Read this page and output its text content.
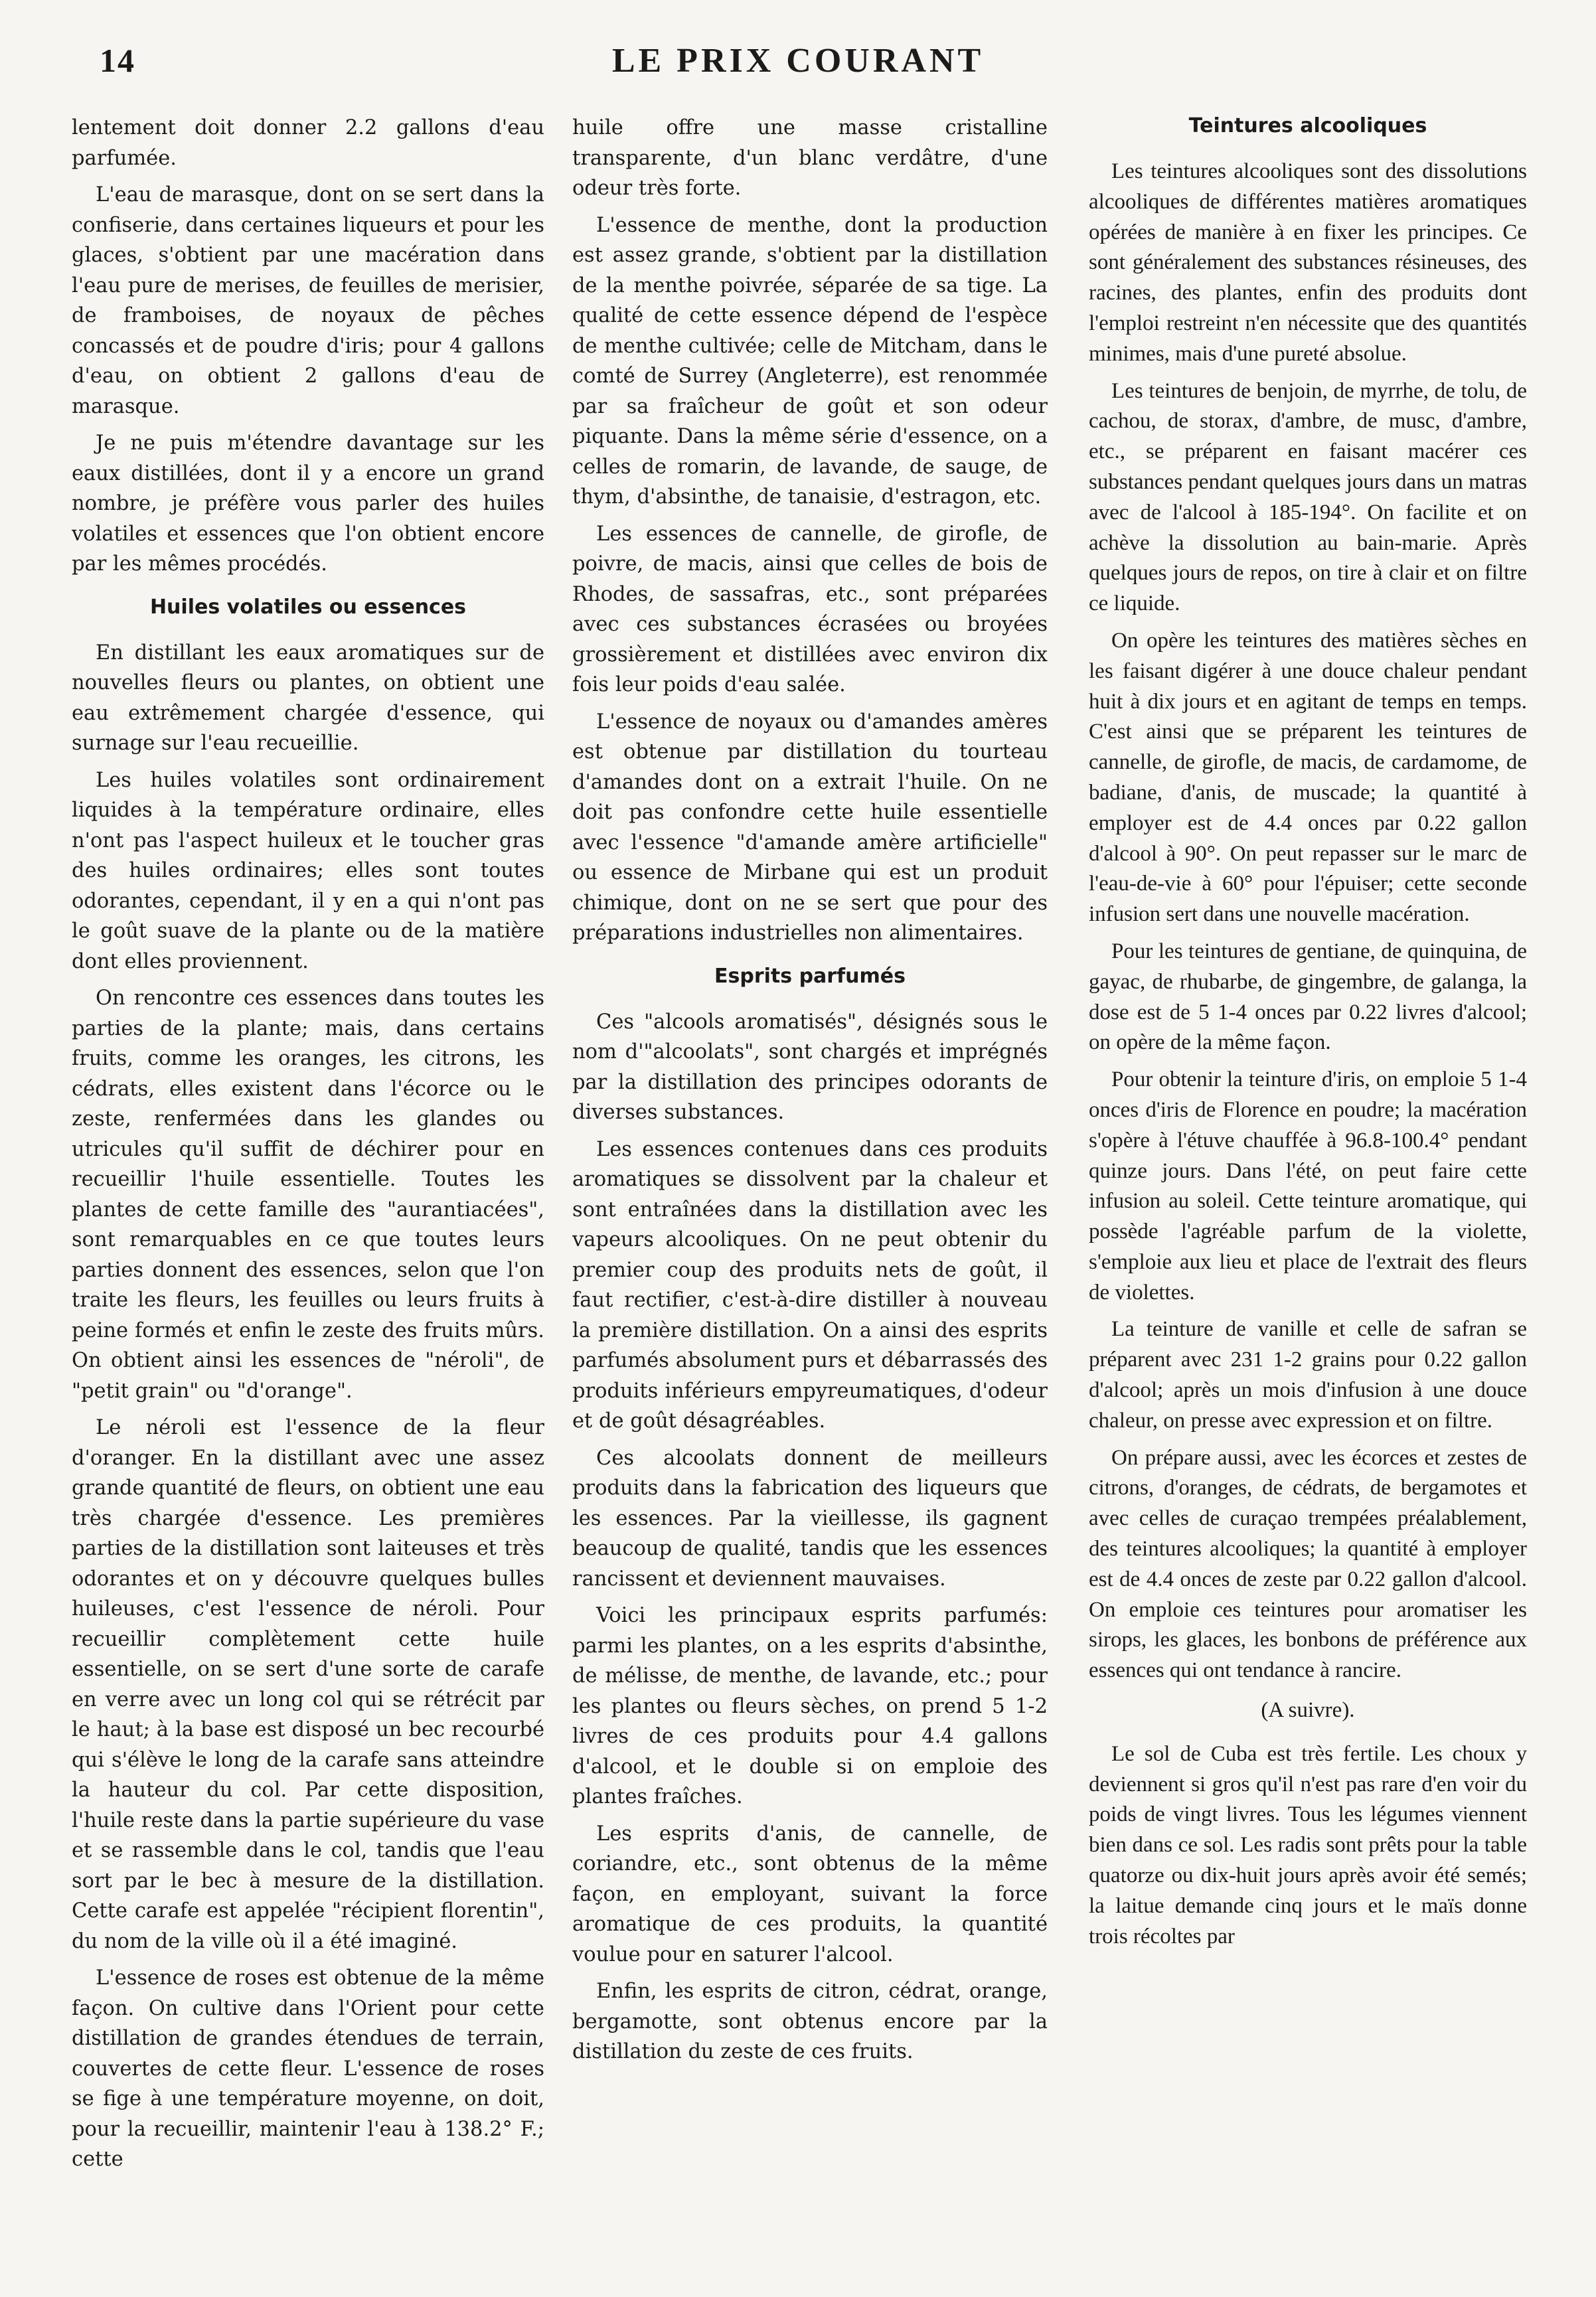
14	LE PRIX COURANT

lentement doit donner 2.2 gallons d'eau parfumée.

L'eau de marasque, dont on se sert dans la confiserie, dans certaines liqueurs et pour les glaces, s'obtient par une macération dans l'eau pure de merises, de feuilles de merisier, de framboises, de noyaux de pêches concassés et de poudre d'iris; pour 4 gallons d'eau, on obtient 2 gallons d'eau de marasque.

Je ne puis m'étendre davantage sur les eaux distillées, dont il y a encore un grand nombre, je préfère vous parler des huiles volatiles et essences que l'on obtient encore par les mêmes procédés.

Huiles volatiles ou essences

En distillant les eaux aromatiques sur de nouvelles fleurs ou plantes, on obtient une eau extrêmement chargée d'essence, qui surnage sur l'eau recueillie.

Les huiles volatiles sont ordinairement liquides à la température ordinaire, elles n'ont pas l'aspect huileux et le toucher gras des huiles ordinaires; elles sont toutes odorantes, cependant, il y en a qui n'ont pas le goût suave de la plante ou de la matière dont elles proviennent.

On rencontre ces essences dans toutes les parties de la plante; mais, dans certains fruits, comme les oranges, les citrons, les cédrats, elles existent dans l'écorce ou le zeste, renfermées dans les glandes ou utricules qu'il suffit de déchirer pour en recueillir l'huile essentielle. Toutes les plantes de cette famille des "aurantiacées", sont remarquables en ce que toutes leurs parties donnent des essences, selon que l'on traite les fleurs, les feuilles ou leurs fruits à peine formés et enfin le zeste des fruits mûrs. On obtient ainsi les essences de "néroli", de "petit grain" ou "d'orange".

Le néroli est l'essence de la fleur d'oranger. En la distillant avec une assez grande quantité de fleurs, on obtient une eau très chargée d'essence. Les premières parties de la distillation sont laiteuses et très odorantes et on y découvre quelques bulles huileuses, c'est l'essence de néroli. Pour recueillir complètement cette huile essentielle, on se sert d'une sorte de carafe en verre avec un long col qui se rétrécit par le haut; à la base est disposé un bec recourbé qui s'élève le long de la carafe sans atteindre la hauteur du col. Par cette disposition, l'huile reste dans la partie supérieure du vase et se rassemble dans le col, tandis que l'eau sort par le bec à mesure de la distillation. Cette carafe est appelée "récipient florentin", du nom de la ville où il a été imaginé.

L'essence de roses est obtenue de la même façon. On cultive dans l'Orient pour cette distillation de grandes étendues de terrain, couvertes de cette fleur. L'essence de roses se fige à une température moyenne, on doit, pour la recueillir, maintenir l'eau à 138.2° F.; cette

huile offre une masse cristalline transparente, d'un blanc verdâtre, d'une odeur très forte.

L'essence de menthe, dont la production est assez grande, s'obtient par la distillation de la menthe poivrée, séparée de sa tige. La qualité de cette essence dépend de l'espèce de menthe cultivée; celle de Mitcham, dans le comté de Surrey (Angleterre), est renommée par sa fraîcheur de goût et son odeur piquante. Dans la même série d'essence, on a celles de romarin, de lavande, de sauge, de thym, d'absinthe, de tanaisie, d'estragon, etc.

Les essences de cannelle, de girofle, de poivre, de macis, ainsi que celles de bois de Rhodes, de sassafras, etc., sont préparées avec ces substances écrasées ou broyées grossièrement et distillées avec environ dix fois leur poids d'eau salée.

L'essence de noyaux ou d'amandes amères est obtenue par distillation du tourteau d'amandes dont on a extrait l'huile. On ne doit pas confondre cette huile essentielle avec l'essence "d'amande amère artificielle" ou essence de Mirbane qui est un produit chimique, dont on ne se sert que pour des préparations industrielles non alimentaires.

Esprits parfumés

Ces "alcools aromatisés", désignés sous le nom d'"alcoolats", sont chargés et imprégnés par la distillation des principes odorants de diverses substances.

Les essences contenues dans ces produits aromatiques se dissolvent par la chaleur et sont entraînées dans la distillation avec les vapeurs alcooliques. On ne peut obtenir du premier coup des produits nets de goût, il faut rectifier, c'est-à-dire distiller à nouveau la première distillation. On a ainsi des esprits parfumés absolument purs et débarrassés des produits inférieurs empyreumatiques, d'odeur et de goût désagréables.

Ces alcoolats donnent de meilleurs produits dans la fabrication des liqueurs que les essences. Par la vieillesse, ils gagnent beaucoup de qualité, tandis que les essences rancissent et deviennent mauvaises.

Voici les principaux esprits parfumés: parmi les plantes, on a les esprits d'absinthe, de mélisse, de menthe, de lavande, etc.; pour les plantes ou fleurs sèches, on prend 5 1-2 livres de ces produits pour 4.4 gallons d'alcool, et le double si on emploie des plantes fraîches.

Les esprits d'anis, de cannelle, de coriandre, etc., sont obtenus de la même façon, en employant, suivant la force aromatique de ces produits, la quantité voulue pour en saturer l'alcool.

Enfin, les esprits de citron, cédrat, orange, bergamotte, sont obtenus encore par la distillation du zeste de ces fruits.

Teintures alcooliques

Les teintures alcooliques sont des dissolutions alcooliques de différentes matières aromatiques opérées de manière à en fixer les principes. Ce sont généralement des substances résineuses, des racines, des plantes, enfin des produits dont l'emploi restreint n'en nécessite que des quantités minimes, mais d'une pureté absolue.

Les teintures de benjoin, de myrrhe, de tolu, de cachou, de storax, d'ambre, de musc, d'ambre, etc., se préparent en faisant macérer ces substances pendant quelques jours dans un matras avec de l'alcool à 185-194°. On facilite et on achève la dissolution au bain-marie. Après quelques jours de repos, on tire à clair et on filtre ce liquide.

On opère les teintures des matières sèches en les faisant digérer à une douce chaleur pendant huit à dix jours et en agitant de temps en temps. C'est ainsi que se préparent les teintures de cannelle, de girofle, de macis, de cardamome, de badiane, d'anis, de muscade; la quantité à employer est de 4.4 onces par 0.22 gallon d'alcool à 90°. On peut repasser sur le marc de l'eau-de-vie à 60° pour l'épuiser; cette seconde infusion sert dans une nouvelle macération.

Pour les teintures de gentiane, de quinquina, de gayac, de rhubarbe, de gingembre, de galanga, la dose est de 5 1-4 onces par 0.22 livres d'alcool; on opère de la même façon.

Pour obtenir la teinture d'iris, on emploie 5 1-4 onces d'iris de Florence en poudre; la macération s'opère à l'étuve chauffée à 96.8-100.4° pendant quinze jours. Dans l'été, on peut faire cette infusion au soleil. Cette teinture aromatique, qui possède l'agréable parfum de la violette, s'emploie aux lieu et place de l'extrait des fleurs de violettes.

La teinture de vanille et celle de safran se préparent avec 231 1-2 grains pour 0.22 gallon d'alcool; après un mois d'infusion à une douce chaleur, on presse avec expression et on filtre.

On prépare aussi, avec les écorces et zestes de citrons, d'oranges, de cédrats, de bergamotes et avec celles de curaçao trempées préalablement, des teintures alcooliques; la quantité à employer est de 4.4 onces de zeste par 0.22 gallon d'alcool. On emploie ces teintures pour aromatiser les sirops, les glaces, les bonbons de préférence aux essences qui ont tendance à rancire.

(A suivre).

Le sol de Cuba est très fertile. Les choux y deviennent si gros qu'il n'est pas rare d'en voir du poids de vingt livres. Tous les légumes viennent bien dans ce sol. Les radis sont prêts pour la table quatorze ou dix-huit jours après avoir été semés; la laitue demande cinq jours et le maïs donne trois récoltes par
